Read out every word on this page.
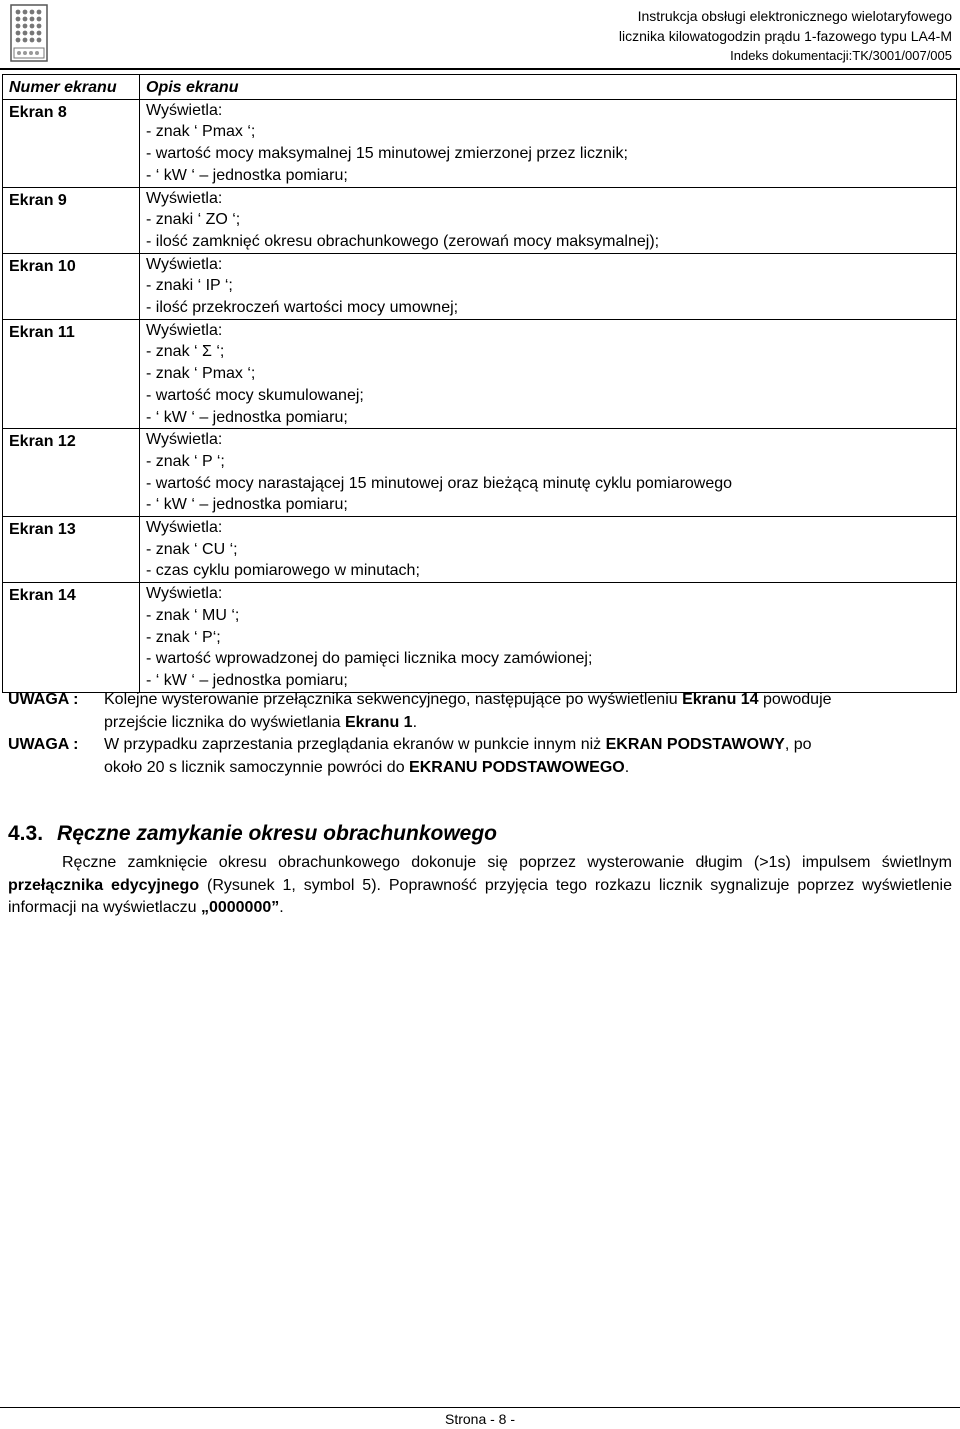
Instrukcja obsługi elektronicznego wielotaryfowego
licznika kilowatogodzin prądu 1-fazowego typu LA4-M
Indeks dokumentacji:TK/3001/007/005
Numer ekranu	Opis ekranu
Ekran 8	Wyświetla:
- znak ‘ Pmax ‘;
- wartość mocy maksymalnej 15 minutowej zmierzonej przez licznik;
- ‘ kW ‘ – jednostka pomiaru;

Ekran 9	Wyświetla:
- znaki ‘ ZO ‘;
- ilość zamknięć okresu obrachunkowego (zerowań mocy maksymalnej);

Ekran 10	Wyświetla:
- znaki ‘ IP ‘;
- ilość przekroczeń wartości mocy umownej;

Ekran 11	Wyświetla:
- znak ‘ Σ ‘;
- znak ‘ Pmax ‘;
- wartość mocy skumulowanej;
- ‘ kW ‘ – jednostka pomiaru;

Ekran 12	Wyświetla:
- znak ‘ P ‘;
- wartość mocy narastającej 15 minutowej oraz bieżącą minutę cyklu pomiarowego
- ‘ kW ‘ – jednostka pomiaru;

Ekran 13	Wyświetla:
- znak ‘ CU ‘;
- czas cyklu pomiarowego w minutach;

Ekran 14	Wyświetla:
- znak ‘ MU ‘;
- znak ‘ P‘;
- wartość wprowadzonej do pamięci licznika mocy zamówionej;
- ‘ kW ‘ – jednostka pomiaru;
UWAGA :	Kolejne wysterowanie przełącznika sekwencyjnego, następujące po wyświetleniu Ekranu 14 powoduje
przejście licznika do wyświetlania Ekranu 1.
UWAGA :	W przypadku zaprzestania przeglądania ekranów w punkcie innym niż EKRAN PODSTAWOWY, po
około 20 s licznik samoczynnie powróci do EKRANU PODSTAWOWEGO.
4.3. Ręczne zamykanie okresu obrachunkowego
Ręczne zamknięcie okresu obrachunkowego dokonuje się poprzez wysterowanie długim (>1s) impulsem świetlnym przełącznika edycyjnego (Rysunek 1, symbol 5). Poprawność przyjęcia tego rozkazu licznik sygnalizuje poprzez wyświetlenie informacji na wyświetlaczu „0000000”.
Strona - 8 -
